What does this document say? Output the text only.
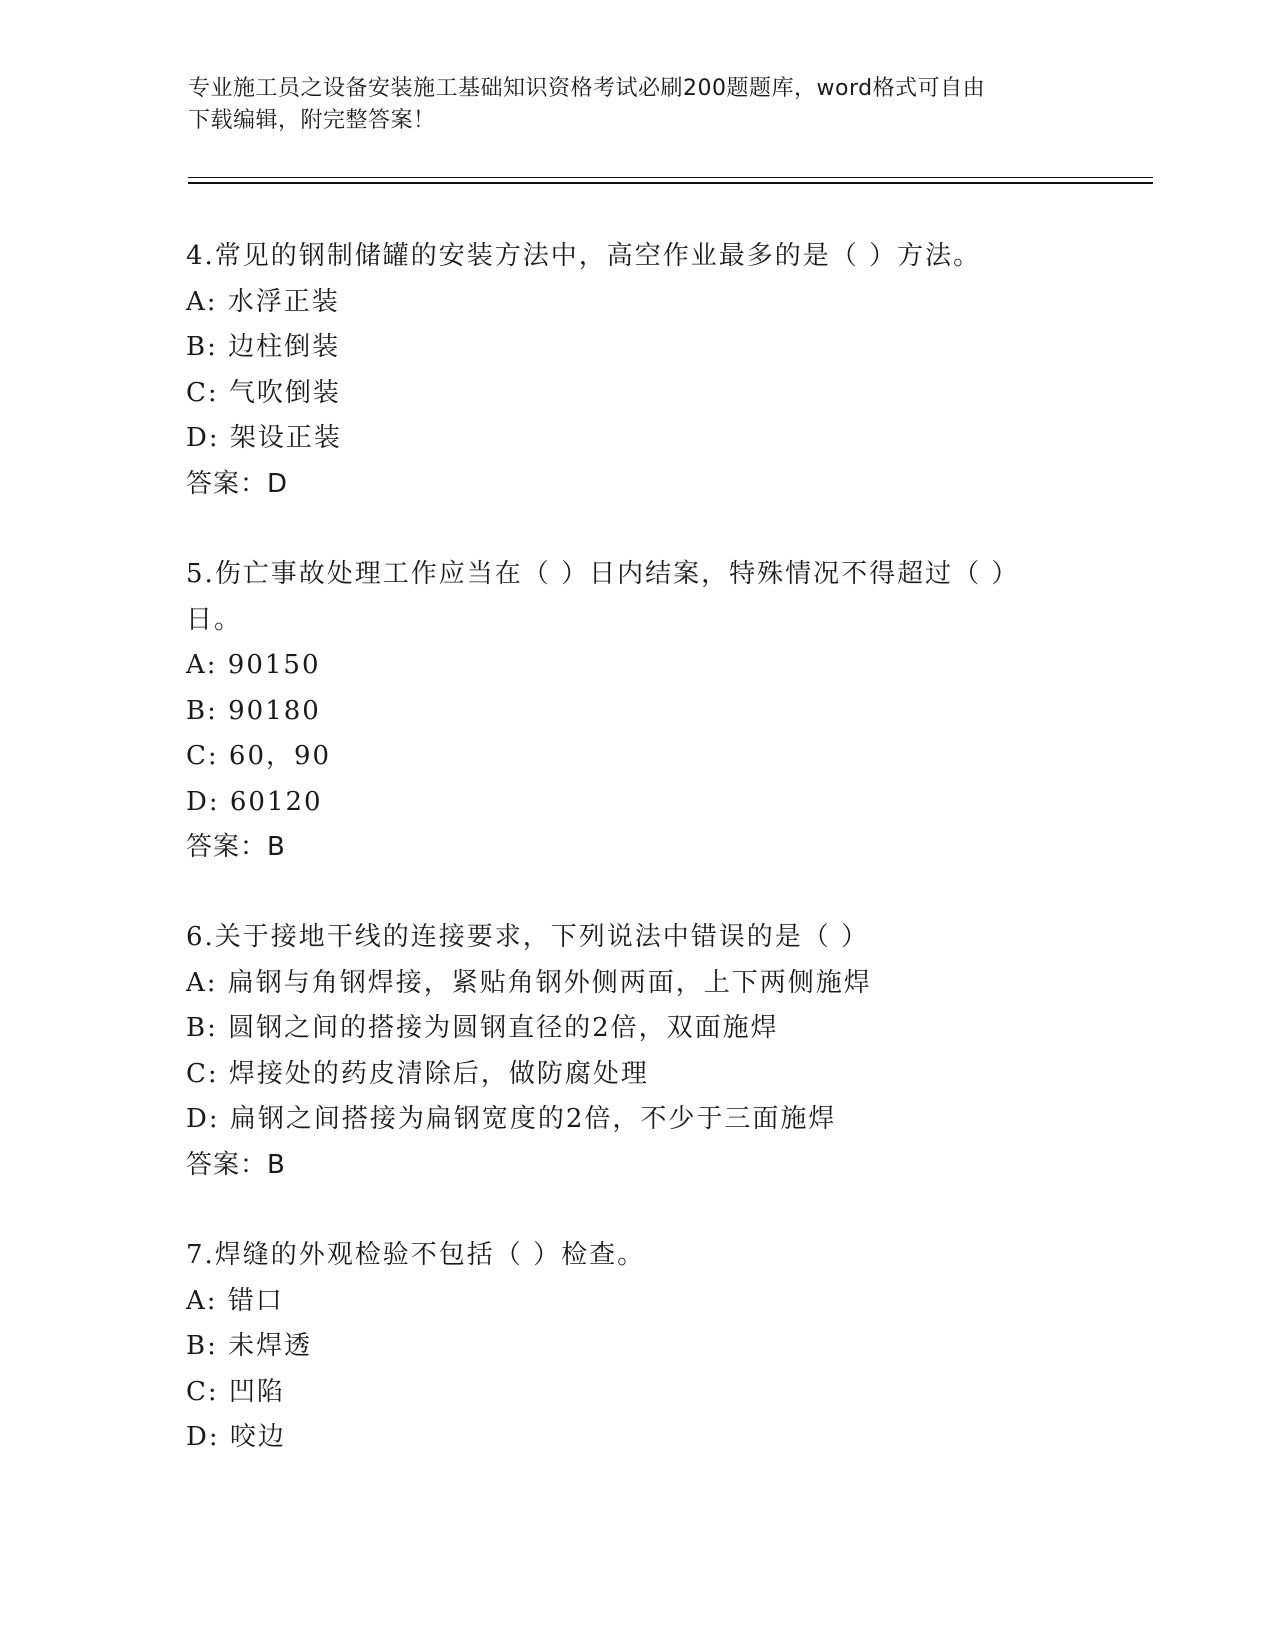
专业施工员之设备安装施工基础知识资格考试必刷200题题库，word格式可自由
下载编辑，附完整答案！
4.常见的钢制储罐的安装方法中，高空作业最多的是（ ）方法。
A: 水浮正装
B: 边柱倒装
C: 气吹倒装
D: 架设正装
答案：D
5.伤亡事故处理工作应当在（ ）日内结案，特殊情况不得超过（ ）
日。
A: 90150
B: 90180
C: 60，90
D: 60120
答案：B
6.关于接地干线的连接要求，下列说法中错误的是（ ）
A: 扁钢与角钢焊接，紧贴角钢外侧两面，上下两侧施焊
B: 圆钢之间的搭接为圆钢直径的2倍，双面施焊
C: 焊接处的药皮清除后，做防腐处理
D: 扁钢之间搭接为扁钢宽度的2倍，不少于三面施焊
答案：B
7.焊缝的外观检验不包括（ ）检查。
A: 错口
B: 未焊透
C: 凹陷
D: 咬边
